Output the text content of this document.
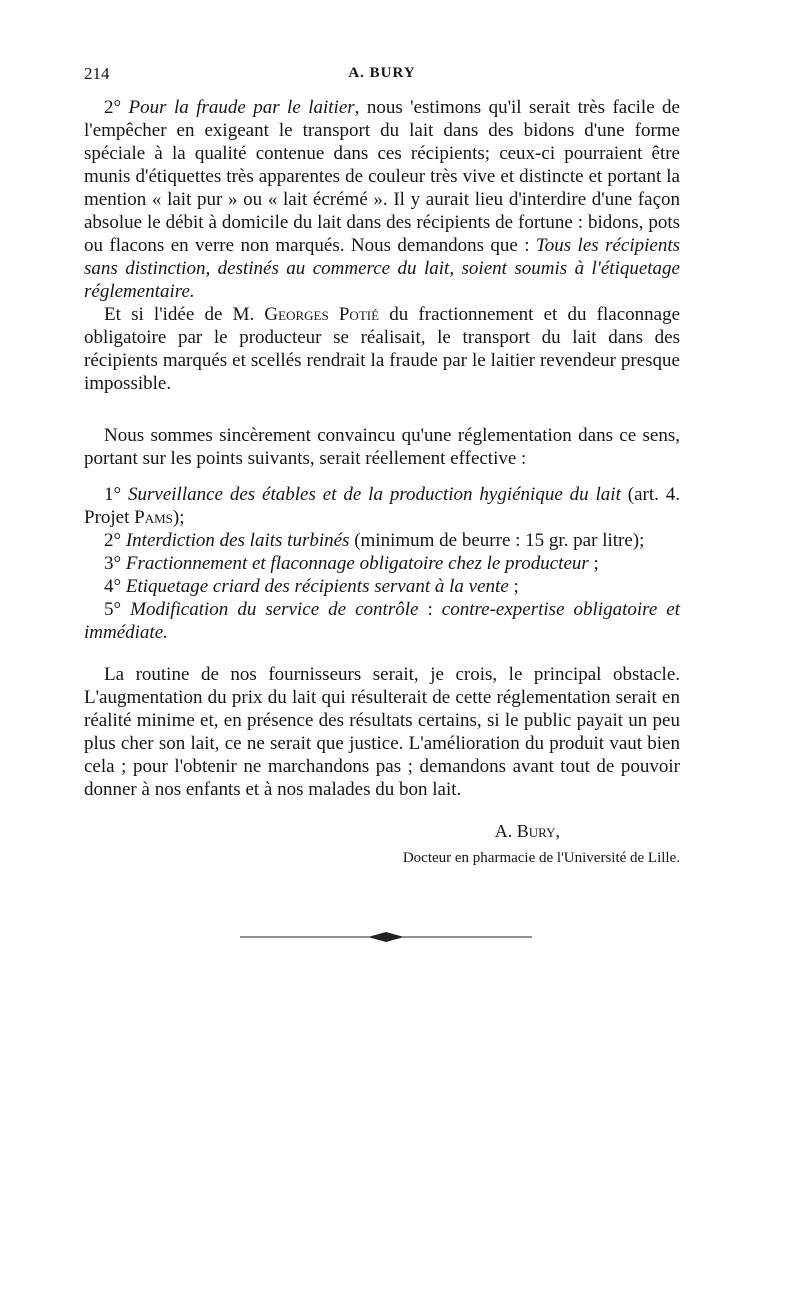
214	A. BURY

2° Pour la fraude par le laitier, nous 'estimons qu'il serait très facile de l'empêcher en exigeant le transport du lait dans des bidons d'une forme spéciale à la qualité contenue dans ces récipients; ceux-ci pourraient être munis d'étiquettes très apparentes de couleur très vive et distincte et portant la mention « lait pur » ou « lait écrémé ». Il y aurait lieu d'interdire d'une façon absolue le débit à domicile du lait dans des récipients de fortune : bidons, pots ou flacons en verre non marqués. Nous demandons que : Tous les récipients sans distinction, destinés au commerce du lait, soient soumis à l'étiquetage réglementaire.

Et si l'idée de M. Georges Potié du fractionnement et du flaconnage obligatoire par le producteur se réalisait, le transport du lait dans des récipients marqués et scellés rendrait la fraude par le laitier revendeur presque impossible.

Nous sommes sincèrement convaincu qu'une réglementation dans ce sens, portant sur les points suivants, serait réellement effective :

1° Surveillance des étables et de la production hygiénique du lait (art. 4. Projet Pams);

2° Interdiction des laits turbinés (minimum de beurre : 15 gr. par litre);

3° Fractionnement et flaconnage obligatoire chez le producteur ;

4° Etiquetage criard des récipients servant à la vente ;

5° Modification du service de contrôle : contre-expertise obligatoire et immédiate.

La routine de nos fournisseurs serait, je crois, le principal obstacle. L'augmentation du prix du lait qui résulterait de cette réglementation serait en réalité minime et, en présence des résultats certains, si le public payait un peu plus cher son lait, ce ne serait que justice. L'amélioration du produit vaut bien cela ; pour l'obtenir ne marchandons pas ; demandons avant tout de pouvoir donner à nos enfants et à nos malades du bon lait.

A. Bury,
Docteur en pharmacie de l'Université de Lille.
